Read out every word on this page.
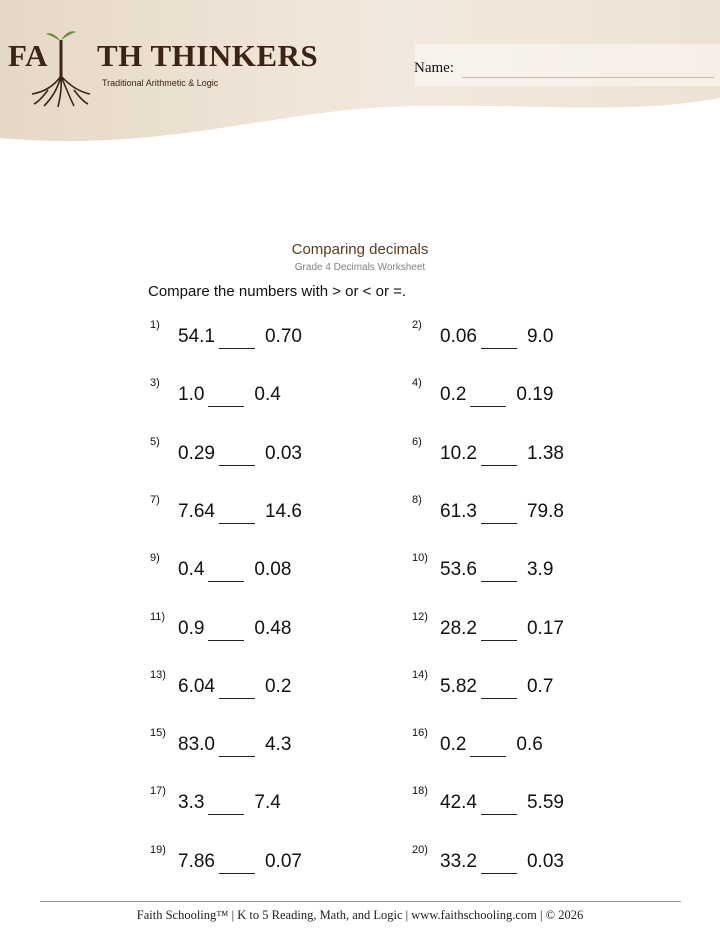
FA TH THINKERS
Traditional Arithmetic & Logic
Name:
Comparing decimals
Grade 4 Decimals Worksheet
Compare the numbers with > or < or =.
1)
54.1	0.70
2)
0.06	9.0
3)
1.0	0.4
4)
0.2	0.19
5)
0.29	0.03
6)
10.2	1.38
7)
7.64	14.6
8)
61.3	79.8
9)
0.4	0.08
10)
53.6	3.9
11)
0.9	0.48
12)
28.2	0.17
13)
6.04	0.2
14)
5.82	0.7
15)
83.0	4.3
16)
0.2	0.6
17)
3.3	7.4
18)
42.4	5.59
19)
7.86	0.07
20)
33.2	0.03
Faith Schooling™ | K to 5 Reading, Math, and Logic | www.faithschooling.com | © 2026
